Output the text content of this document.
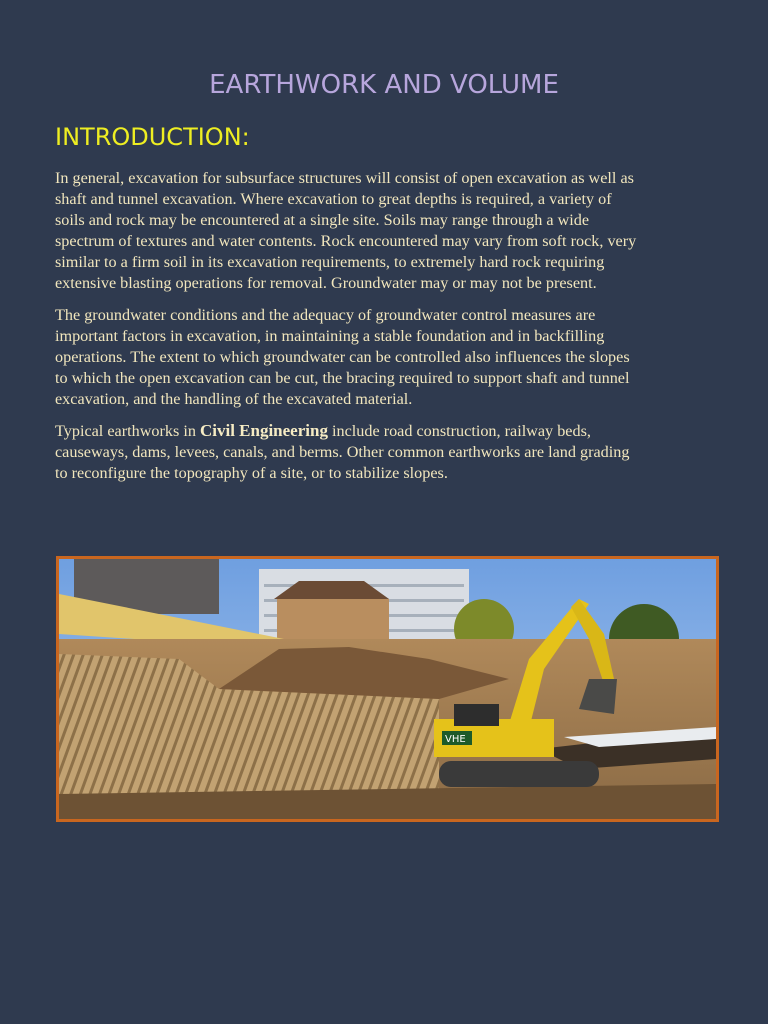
EARTHWORK AND VOLUME
INTRODUCTION:
In general, excavation for subsurface structures will consist of open excavation as well as
shaft and tunnel excavation. Where excavation to great depths is required, a variety of
soils and rock may be encountered at a single site. Soils may range through a wide
spectrum of textures and water contents. Rock encountered may vary from soft rock, very
similar to a firm soil in its excavation requirements, to extremely hard rock requiring
extensive blasting operations for removal. Groundwater may or may not be present.
The groundwater conditions and the adequacy of groundwater control measures are
important factors in excavation, in maintaining a stable foundation and in backfilling
operations. The extent to which groundwater can be controlled also influences the slopes
to which the open excavation can be cut, the bracing required to support shaft and tunnel
excavation, and the handling of the excavated material.
Typical earthworks in Civil Engineering include road construction, railway beds,
causeways, dams, levees, canals, and berms. Other common earthworks are land grading
to reconfigure the topography of a site, or to stabilize slopes.
VHE
